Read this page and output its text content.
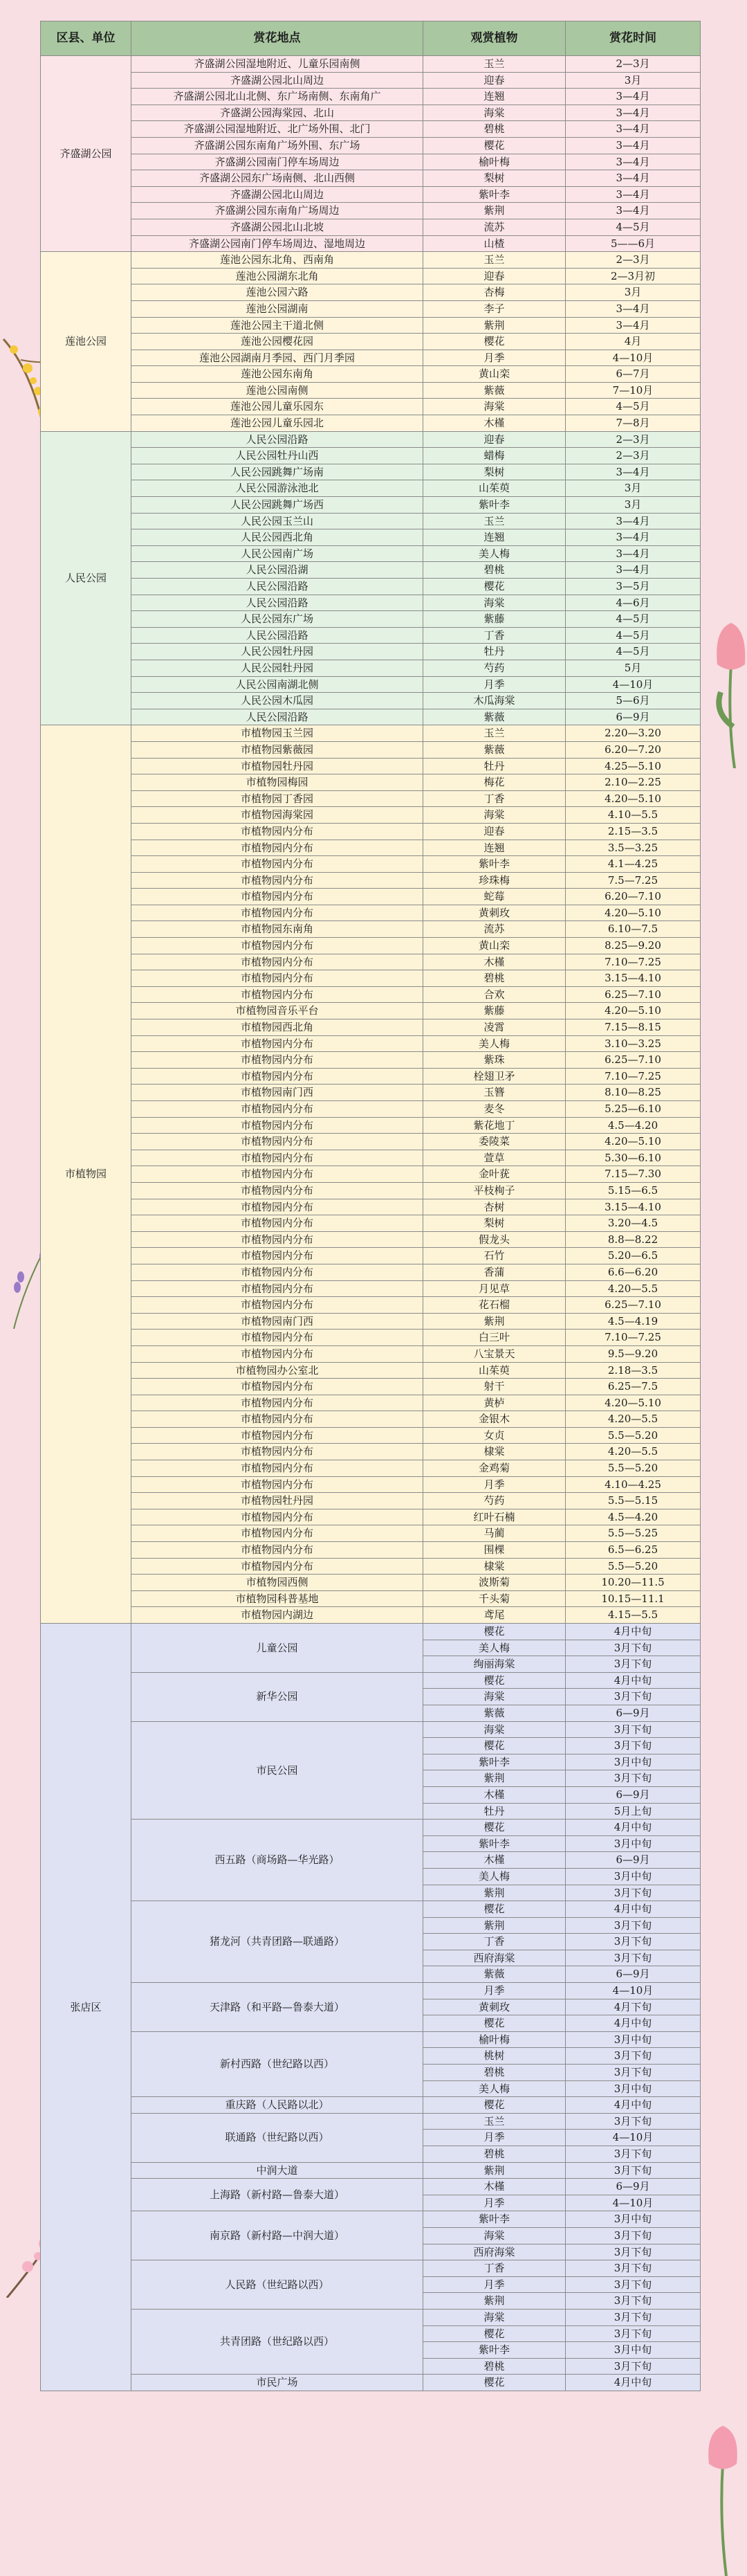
区县、单位	赏花地点	观赏植物	赏花时间
齐盛湖公园	齐盛湖公园湿地附近、儿童乐园南侧	玉兰	2—3月
	齐盛湖公园北山周边	迎春	3月
	齐盛湖公园北山北侧、东广场南侧、东南角广	连翘	3—4月
	齐盛湖公园海棠园、北山	海棠	3—4月
	齐盛湖公园湿地附近、北广场外围、北门	碧桃	3—4月
	齐盛湖公园东南角广场外围、东广场	樱花	3—4月
	齐盛湖公园南门停车场周边	榆叶梅	3—4月
	齐盛湖公园东广场南侧、北山西侧	梨树	3—4月
	齐盛湖公园北山周边	紫叶李	3—4月
	齐盛湖公园东南角广场周边	紫荆	3—4月
	齐盛湖公园北山北坡	流苏	4—5月
	齐盛湖公园南门停车场周边、湿地周边	山楂	5——6月
莲池公园	莲池公园东北角、西南角	玉兰	2—3月
	莲池公园湖东北角	迎春	2—3月初
	莲池公园六路	杏梅	3月
	莲池公园湖南	李子	3—4月
	莲池公园主干道北侧	紫荆	3—4月
	莲池公园樱花园	樱花	4月
	莲池公园湖南月季园、西门月季园	月季	4—10月
	莲池公园东南角	黄山栾	6—7月
	莲池公园南侧	紫薇	7—10月
	莲池公园儿童乐园东	海棠	4—5月
	莲池公园儿童乐园北	木槿	7—8月
人民公园	人民公园沿路	迎春	2—3月
	人民公园牡丹山西	蜡梅	2—3月
	人民公园跳舞广场南	梨树	3—4月
	人民公园游泳池北	山茱萸	3月
	人民公园跳舞广场西	紫叶李	3月
	人民公园玉兰山	玉兰	3—4月
	人民公园西北角	连翘	3—4月
	人民公园南广场	美人梅	3—4月
	人民公园沿湖	碧桃	3—4月
	人民公园沿路	樱花	3—5月
	人民公园沿路	海棠	4—6月
	人民公园东广场	紫藤	4—5月
	人民公园沿路	丁香	4—5月
	人民公园牡丹园	牡丹	4—5月
	人民公园牡丹园	芍药	5月
	人民公园南湖北侧	月季	4—10月
	人民公园木瓜园	木瓜海棠	5—6月
	人民公园沿路	紫薇	6—9月
市植物园	市植物园玉兰园	玉兰	2.20—3.20
	市植物园紫薇园	紫薇	6.20—7.20
	市植物园牡丹园	牡丹	4.25—5.10
	市植物园梅园	梅花	2.10—2.25
	市植物园丁香园	丁香	4.20—5.10
	市植物园海棠园	海棠	4.10—5.5
	市植物园内分布	迎春	2.15—3.5
	市植物园内分布	连翘	3.5—3.25
	市植物园内分布	紫叶李	4.1—4.25
	市植物园内分布	珍珠梅	7.5—7.25
	市植物园内分布	蛇莓	6.20—7.10
	市植物园内分布	黄刺玫	4.20—5.10
	市植物园东南角	流苏	6.10—7.5
	市植物园内分布	黄山栾	8.25—9.20
	市植物园内分布	木槿	7.10—7.25
	市植物园内分布	碧桃	3.15—4.10
	市植物园内分布	合欢	6.25—7.10
	市植物园音乐平台	紫藤	4.20—5.10
	市植物园西北角	凌霄	7.15—8.15
	市植物园内分布	美人梅	3.10—3.25
	市植物园内分布	紫珠	6.25—7.10
	市植物园内分布	栓翅卫矛	7.10—7.25
	市植物园南门西	玉簪	8.10—8.25
	市植物园内分布	麦冬	5.25—6.10
	市植物园内分布	紫花地丁	4.5—4.20
	市植物园内分布	委陵菜	4.20—5.10
	市植物园内分布	萱草	5.30—6.10
	市植物园内分布	金叶莸	7.15—7.30
	市植物园内分布	平枝栒子	5.15—6.5
	市植物园内分布	杏树	3.15—4.10
	市植物园内分布	梨树	3.20—4.5
	市植物园内分布	假龙头	8.8—8.22
	市植物园内分布	石竹	5.20—6.5
	市植物园内分布	香蒲	6.6—6.20
	市植物园内分布	月见草	4.20—5.5
	市植物园内分布	花石榴	6.25—7.10
	市植物园南门西	紫荆	4.5—4.19
	市植物园内分布	白三叶	7.10—7.25
	市植物园内分布	八宝景天	9.5—9.20
	市植物园办公室北	山茱萸	2.18—3.5
	市植物园内分布	射干	6.25—7.5
	市植物园内分布	黄栌	4.20—5.10
	市植物园内分布	金银木	4.20—5.5
	市植物园内分布	女贞	5.5—5.20
	市植物园内分布	棣棠	4.20—5.5
	市植物园内分布	金鸡菊	5.5—5.20
	市植物园内分布	月季	4.10—4.25
	市植物园牡丹园	芍药	5.5—5.15
	市植物园内分布	红叶石楠	4.5—4.20
	市植物园内分布	马蔺	5.5—5.25
	市植物园内分布	围棵	6.5—6.25
	市植物园内分布	棣棠	5.5—5.20
	市植物园西侧	波斯菊	10.20—11.5
	市植物园科普基地	千头菊	10.15—11.1
	市植物园内湖边	鸢尾	4.15—5.5
张店区	儿童公园	樱花	4月中旬
		美人梅	3月下旬
		绚丽海棠	3月下旬
	新华公园	樱花	4月中旬
		海棠	3月下旬
		紫薇	6—9月
	市民公园	海棠	3月下旬
		樱花	3月下旬
		紫叶李	3月中旬
		紫荆	3月下旬
		木槿	6—9月
		牡丹	5月上旬
	西五路（商场路—华光路）	樱花	4月中旬
		紫叶李	3月中旬
		木槿	6—9月
		美人梅	3月中旬
		紫荆	3月下旬
	猪龙河（共青团路—联通路）	樱花	4月中旬
		紫荆	3月下旬
		丁香	3月下旬
		西府海棠	3月下旬
		紫薇	6—9月
	天津路（和平路—鲁泰大道）	月季	4—10月
		黄刺玫	4月下旬
		樱花	4月中旬
	新村西路（世纪路以西）	榆叶梅	3月中旬
		桃树	3月下旬
		碧桃	3月下旬
		美人梅	3月中旬
	重庆路（人民路以北）	樱花	4月中旬
	联通路（世纪路以西）	玉兰	3月下旬
		月季	4—10月
		碧桃	3月下旬
	中润大道	紫荆	3月下旬
	上海路（新村路—鲁泰大道）	木槿	6—9月
		月季	4—10月
	南京路（新村路—中润大道）	紫叶李	3月中旬
		海棠	3月下旬
		西府海棠	3月下旬
	人民路（世纪路以西）	丁香	3月下旬
		月季	3月下旬
		紫荆	3月下旬
	共青团路（世纪路以西）	海棠	3月下旬
		樱花	3月下旬
		紫叶李	3月中旬
		碧桃	3月下旬
	市民广场	樱花	4月中旬
